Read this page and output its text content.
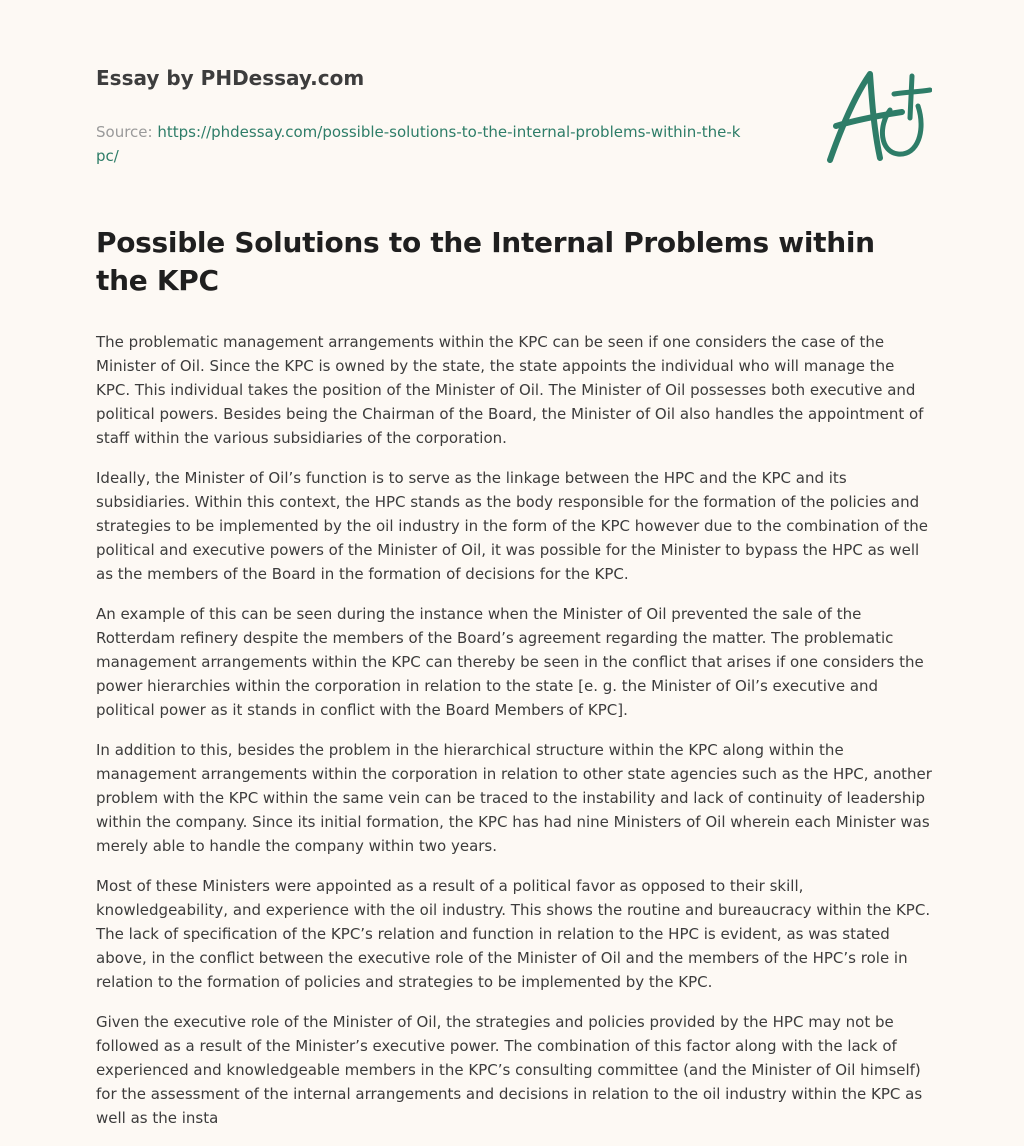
Essay by PHDessay.com
Source: https://phdessay.com/possible-solutions-to-the-internal-problems-within-the-kpc/
Possible Solutions to the Internal Problems within the KPC

The problematic management arrangements within the KPC can be seen if one considers the case of the Minister of Oil. Since the KPC is owned by the state, the state appoints the individual who will manage the KPC. This individual takes the position of the Minister of Oil. The Minister of Oil possesses both executive and political powers. Besides being the Chairman of the Board, the Minister of Oil also handles the appointment of staff within the various subsidiaries of the corporation.

Ideally, the Minister of Oil’s function is to serve as the linkage between the HPC and the KPC and its subsidiaries. Within this context, the HPC stands as the body responsible for the formation of the policies and strategies to be implemented by the oil industry in the form of the KPC however due to the combination of the political and executive powers of the Minister of Oil, it was possible for the Minister to bypass the HPC as well as the members of the Board in the formation of decisions for the KPC.

An example of this can be seen during the instance when the Minister of Oil prevented the sale of the Rotterdam refinery despite the members of the Board’s agreement regarding the matter. The problematic management arrangements within the KPC can thereby be seen in the conflict that arises if one considers the power hierarchies within the corporation in relation to the state [e. g. the Minister of Oil’s executive and political power as it stands in conflict with the Board Members of KPC].

In addition to this, besides the problem in the hierarchical structure within the KPC along within the management arrangements within the corporation in relation to other state agencies such as the HPC, another problem with the KPC within the same vein can be traced to the instability and lack of continuity of leadership within the company. Since its initial formation, the KPC has had nine Ministers of Oil wherein each Minister was merely able to handle the company within two years.

Most of these Ministers were appointed as a result of a political favor as opposed to their skill, knowledgeability, and experience with the oil industry. This shows the routine and bureaucracy within the KPC. The lack of specification of the KPC’s relation and function in relation to the HPC is evident, as was stated above, in the conflict between the executive role of the Minister of Oil and the members of the HPC’s role in relation to the formation of policies and strategies to be implemented by the KPC.

Given the executive role of the Minister of Oil, the strategies and policies provided by the HPC may not be followed as a result of the Minister’s executive power. The combination of this factor along with the lack of experienced and knowledgeable members in the KPC’s consulting committee (and the Minister of Oil himself) for the assessment of the internal arrangements and decisions in relation to the oil industry within the KPC as well as the insta
